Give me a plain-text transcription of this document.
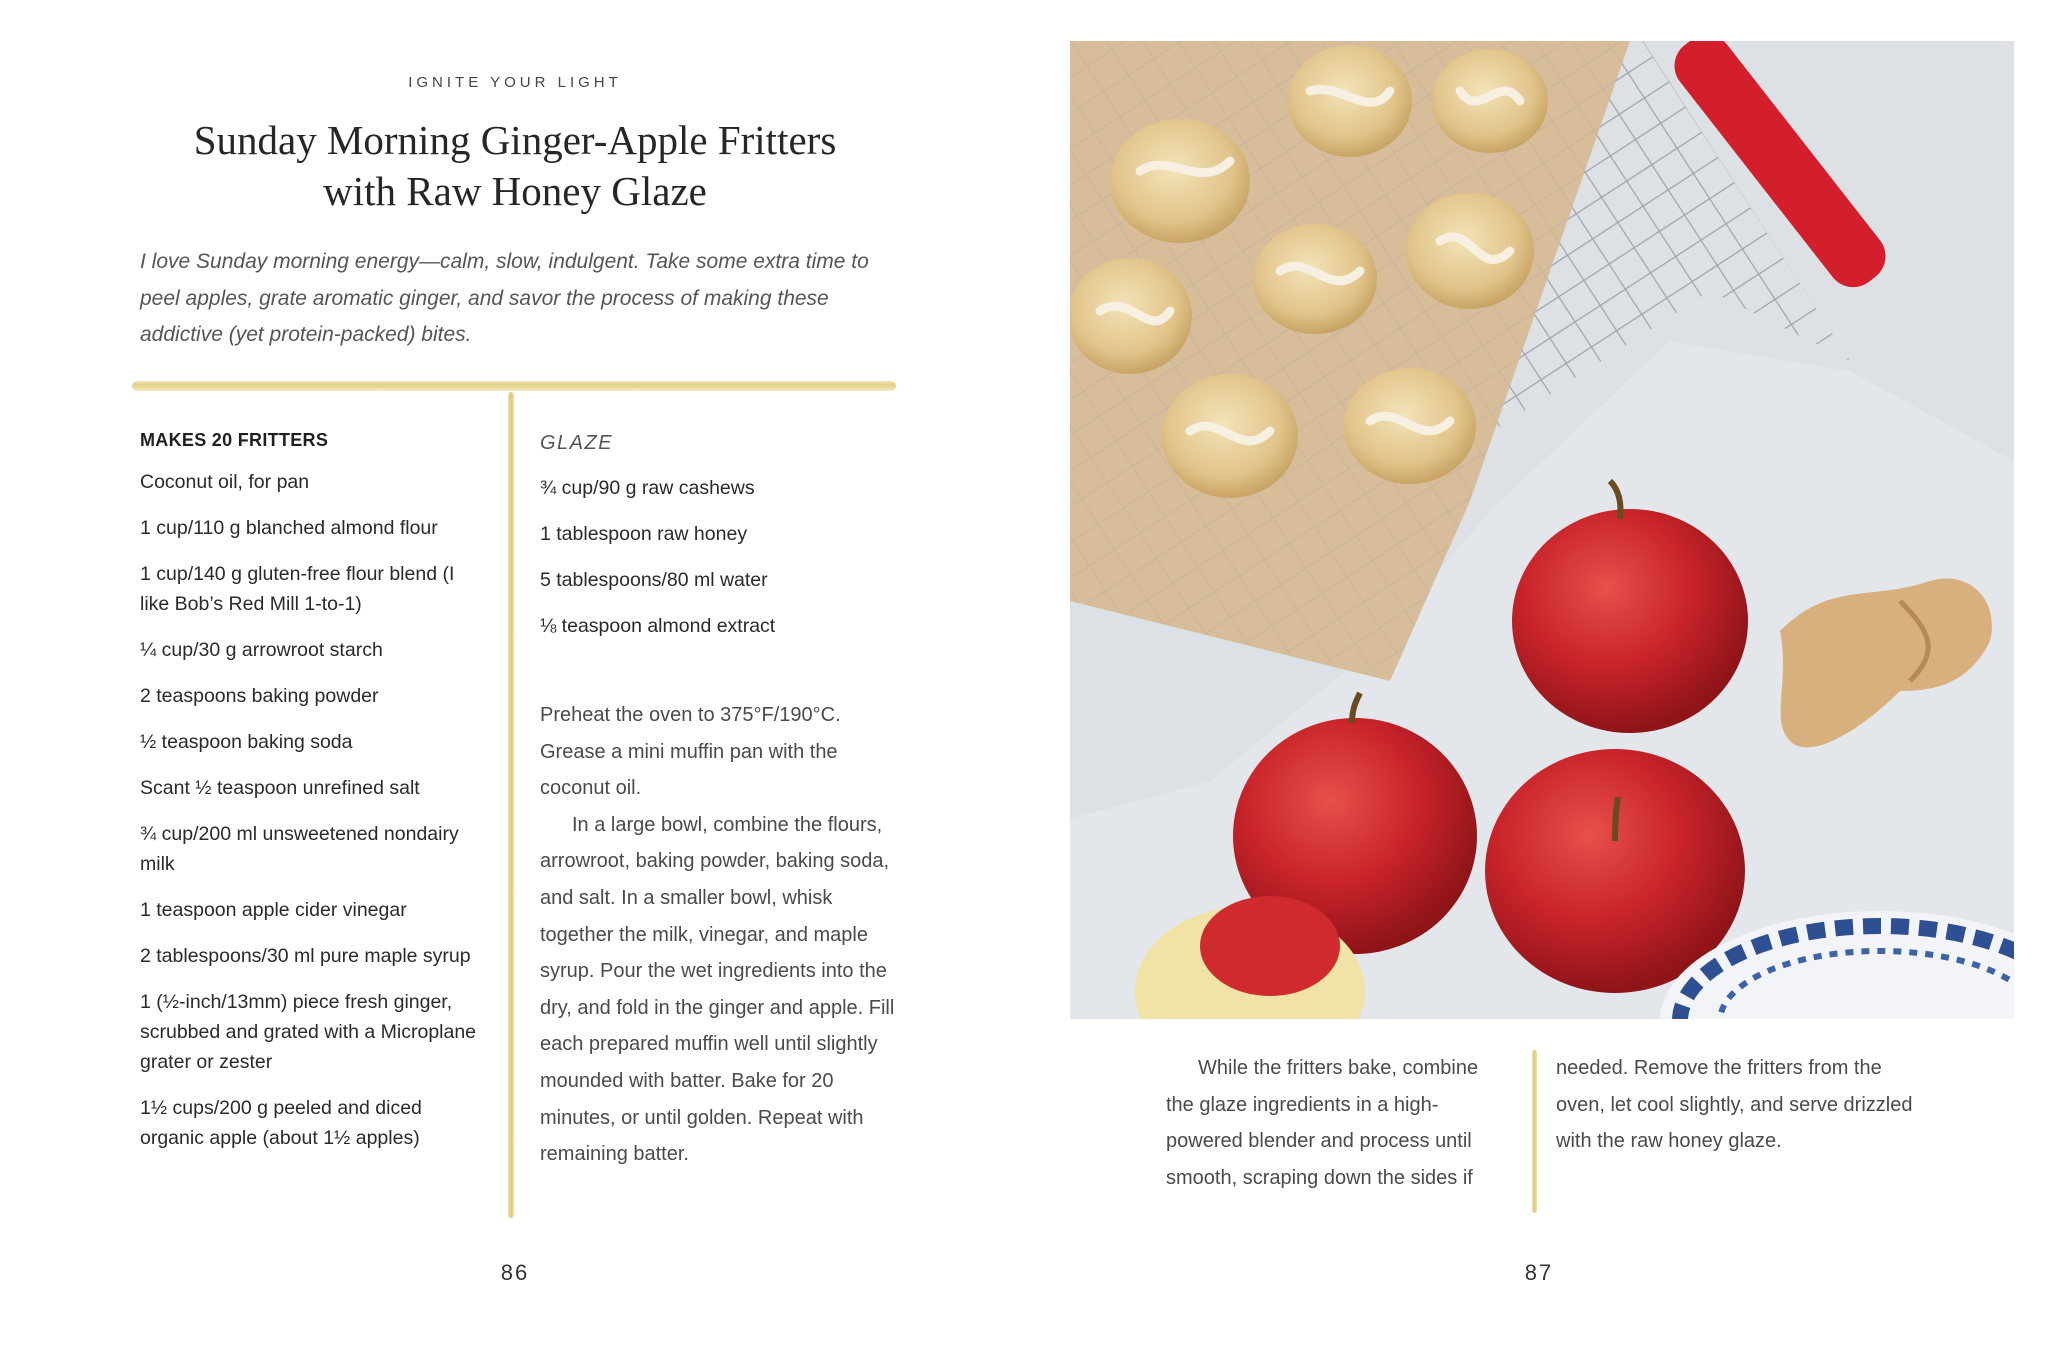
IGNITE YOUR LIGHT
Sunday Morning Ginger-Apple Fritters
with Raw Honey Glaze
I love Sunday morning energy—calm, slow, indulgent. Take some extra time to peel apples, grate aromatic ginger, and savor the process of making these addictive (yet protein-packed) bites.
MAKES 20 FRITTERS
Coconut oil, for pan
1 cup/110 g blanched almond flour
1 cup/140 g gluten-free flour blend (I like Bob’s Red Mill 1-to-1)
¼ cup/30 g arrowroot starch
2 teaspoons baking powder
½ teaspoon baking soda
Scant ½ teaspoon unrefined salt
¾ cup/200 ml unsweetened nondairy milk
1 teaspoon apple cider vinegar
2 tablespoons/30 ml pure maple syrup
1 (½-inch/13mm) piece fresh ginger, scrubbed and grated with a Microplane grater or zester
1½ cups/200 g peeled and diced organic apple (about 1½ apples)
GLAZE
¾ cup/90 g raw cashews
1 tablespoon raw honey
5 tablespoons/80 ml water
⅛ teaspoon almond extract

Preheat the oven to 375°F/190°C. Grease a mini muffin pan with the coconut oil.

In a large bowl, combine the flours, arrowroot, baking powder, baking soda, and salt. In a smaller bowl, whisk together the milk, vinegar, and maple syrup. Pour the wet ingredients into the dry, and fold in the ginger and apple. Fill each prepared muffin well until slightly mounded with batter. Bake for 20 minutes, or until golden. Repeat with remaining batter.

86

While the fritters bake, combine the glaze ingredients in a high-powered blender and process until smooth, scraping down the sides if

needed. Remove the fritters from the oven, let cool slightly, and serve drizzled with the raw honey glaze.

87
